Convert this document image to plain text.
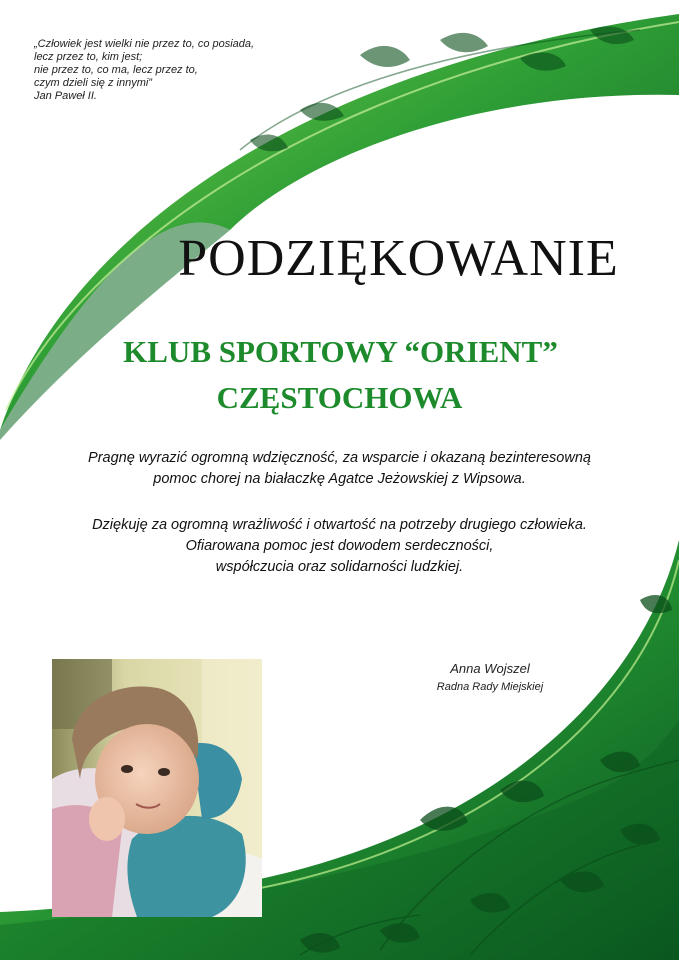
„Człowiek jest wielki nie przez to, co posiada,
lecz przez to, kim jest;
nie przez to, co ma, lecz przez to,
czym dzieli się z innymi”
Jan Paweł II.
PODZIĘKOWANIE
KLUB SPORTOWY “ORIENT”
CZĘSTOCHOWA
Pragnę wyrazić ogromną wdzięczność, za wsparcie i okazaną bezinteresowną
pomoc chorej na białaczkę Agatce Jeżowskiej z Wipsowa.
Dziękuję za ogromną wrażliwość i otwartość na potrzeby drugiego człowieka.
Ofiarowana pomoc jest dowodem serdeczności,
współczucia oraz solidarności ludzkiej.
Anna Wojszel
Radna Rady Miejskiej
